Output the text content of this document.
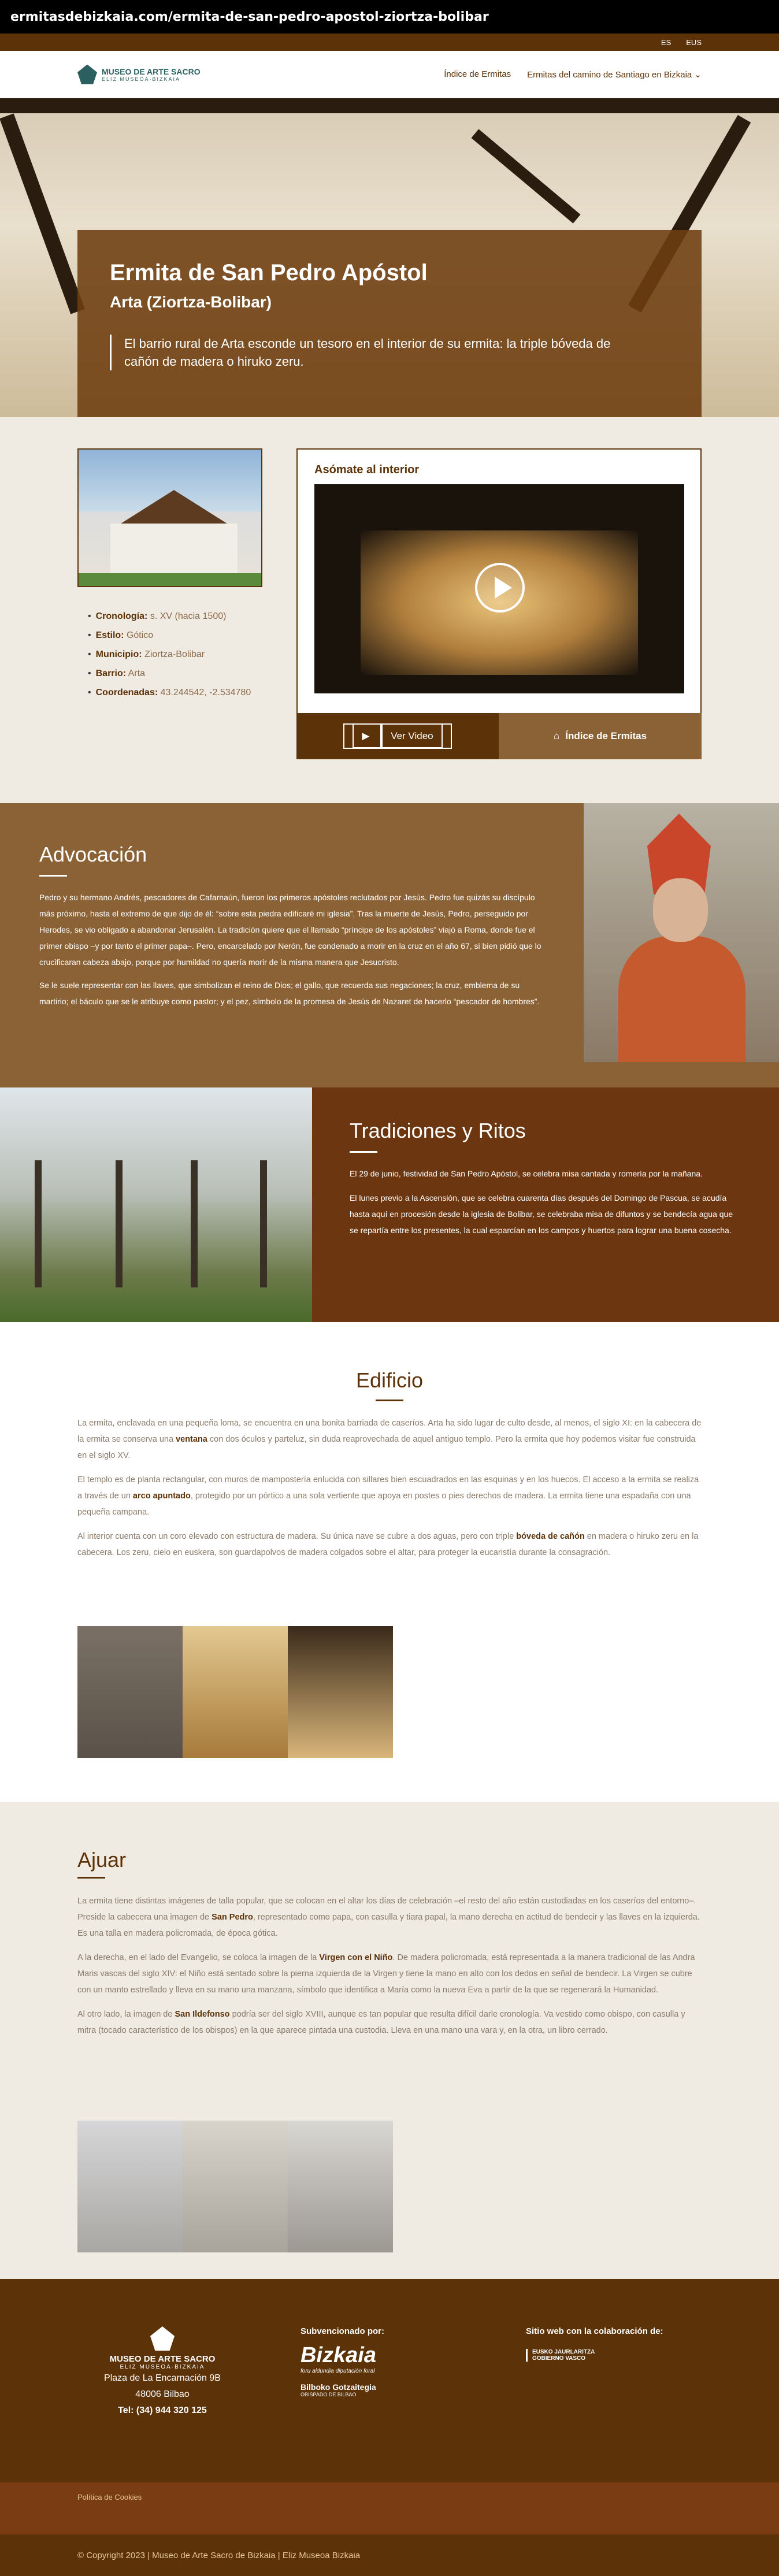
ermitasdebizkaia.com/ermita-de-san-pedro-apostol-ziortza-bolibar
ES EUS
MUSEO DE ARTE SACRO
ELIZ MUSEOA·BIZKAIA	Índice de Ermitas Ermitas del camino de Santiago en Bizkaia ⌄
Ermita de San Pedro Apóstol
Arta (Ziortza-Bolibar)
El barrio rural de Arta esconde un tesoro en el interior de su ermita: la triple bóveda de cañón de madera o hiruko zeru.
• Cronología: s. XV (hacia 1500)
• Estilo: Gótico
• Municipio: Ziortza-Bolibar
• Barrio: Arta
• Coordenadas: 43.244542, -2.534780
Asómate al interior
▶ Ver Video	⌂ Índice de Ermitas
Advocación

Pedro y su hermano Andrés, pescadores de Cafarnaún, fueron los primeros apóstoles reclutados por Jesús. Pedro fue quizás su discípulo más próximo, hasta el extremo de que dijo de él: “sobre esta piedra edificaré mi iglesia”. Tras la muerte de Jesús, Pedro, perseguido por Herodes, se vio obligado a abandonar Jerusalén. La tradición quiere que el llamado “príncipe de los apóstoles” viajó a Roma, donde fue el primer obispo –y por tanto el primer papa–. Pero, encarcelado por Nerón, fue condenado a morir en la cruz en el año 67, si bien pidió que lo crucificaran cabeza abajo, porque por humildad no quería morir de la misma manera que Jesucristo.

Se le suele representar con las llaves, que simbolizan el reino de Dios; el gallo, que recuerda sus negaciones; la cruz, emblema de su martirio; el báculo que se le atribuye como pastor; y el pez, símbolo de la promesa de Jesús de Nazaret de hacerlo “pescador de hombres”.

Tradiciones y Ritos

El 29 de junio, festividad de San Pedro Apóstol, se celebra misa cantada y romería por la mañana.

El lunes previo a la Ascensión, que se celebra cuarenta días después del Domingo de Pascua, se acudía hasta aquí en procesión desde la iglesia de Bolibar, se celebraba misa de difuntos y se bendecía agua que se repartía entre los presentes, la cual esparcían en los campos y huertos para lograr una buena cosecha.

Edificio

La ermita, enclavada en una pequeña loma, se encuentra en una bonita barriada de caseríos. Arta ha sido lugar de culto desde, al menos, el siglo XI: en la cabecera de la ermita se conserva una ventana con dos óculos y parteluz, sin duda reaprovechada de aquel antiguo templo. Pero la ermita que hoy podemos visitar fue construida en el siglo XV.

El templo es de planta rectangular, con muros de mampostería enlucida con sillares bien escuadrados en las esquinas y en los huecos. El acceso a la ermita se realiza a través de un arco apuntado, protegido por un pórtico a una sola vertiente que apoya en postes o pies derechos de madera. La ermita tiene una espadaña con una pequeña campana.

Al interior cuenta con un coro elevado con estructura de madera. Su única nave se cubre a dos aguas, pero con triple bóveda de cañón en madera o hiruko zeru en la cabecera. Los zeru, cielo en euskera, son guardapolvos de madera colgados sobre el altar, para proteger la eucaristía durante la consagración.

Ajuar

La ermita tiene distintas imágenes de talla popular, que se colocan en el altar los días de celebración –el resto del año están custodiadas en los caseríos del entorno–. Preside la cabecera una imagen de San Pedro, representado como papa, con casulla y tiara papal, la mano derecha en actitud de bendecir y las llaves en la izquierda. Es una talla en madera policromada, de época gótica.

A la derecha, en el lado del Evangelio, se coloca la imagen de la Virgen con el Niño. De madera policromada, está representada a la manera tradicional de las Andra Maris vascas del siglo XIV: el Niño está sentado sobre la pierna izquierda de la Virgen y tiene la mano en alto con los dedos en señal de bendecir. La Virgen se cubre con un manto estrellado y lleva en su mano una manzana, símbolo que identifica a María como la nueva Eva a partir de la que se regenerará la Humanidad.

Al otro lado, la imagen de San Ildefonso podría ser del siglo XVIII, aunque es tan popular que resulta difícil darle cronología. Va vestido como obispo, con casulla y mitra (tocado característico de los obispos) en la que aparece pintada una custodia. Lleva en una mano una vara y, en la otra, un libro cerrado.

MUSEO DE ARTE SACRO
ELIZ MUSEOA·BIZKAIA
Plaza de La Encarnación 9B
48006 Bilbao
Tel: (34) 944 320 125
Subvencionado por:
Bizkaia
foru aldundia diputación foral
Bilboko Gotzaitegia
OBISPADO DE BILBAO
Sitio web con la colaboración de:
EUSKO JAURLARITZA GOBIERNO VASCO
Política de Cookies
© Copyright 2023 | Museo de Arte Sacro de Bizkaia | Eliz Museoa Bizkaia
